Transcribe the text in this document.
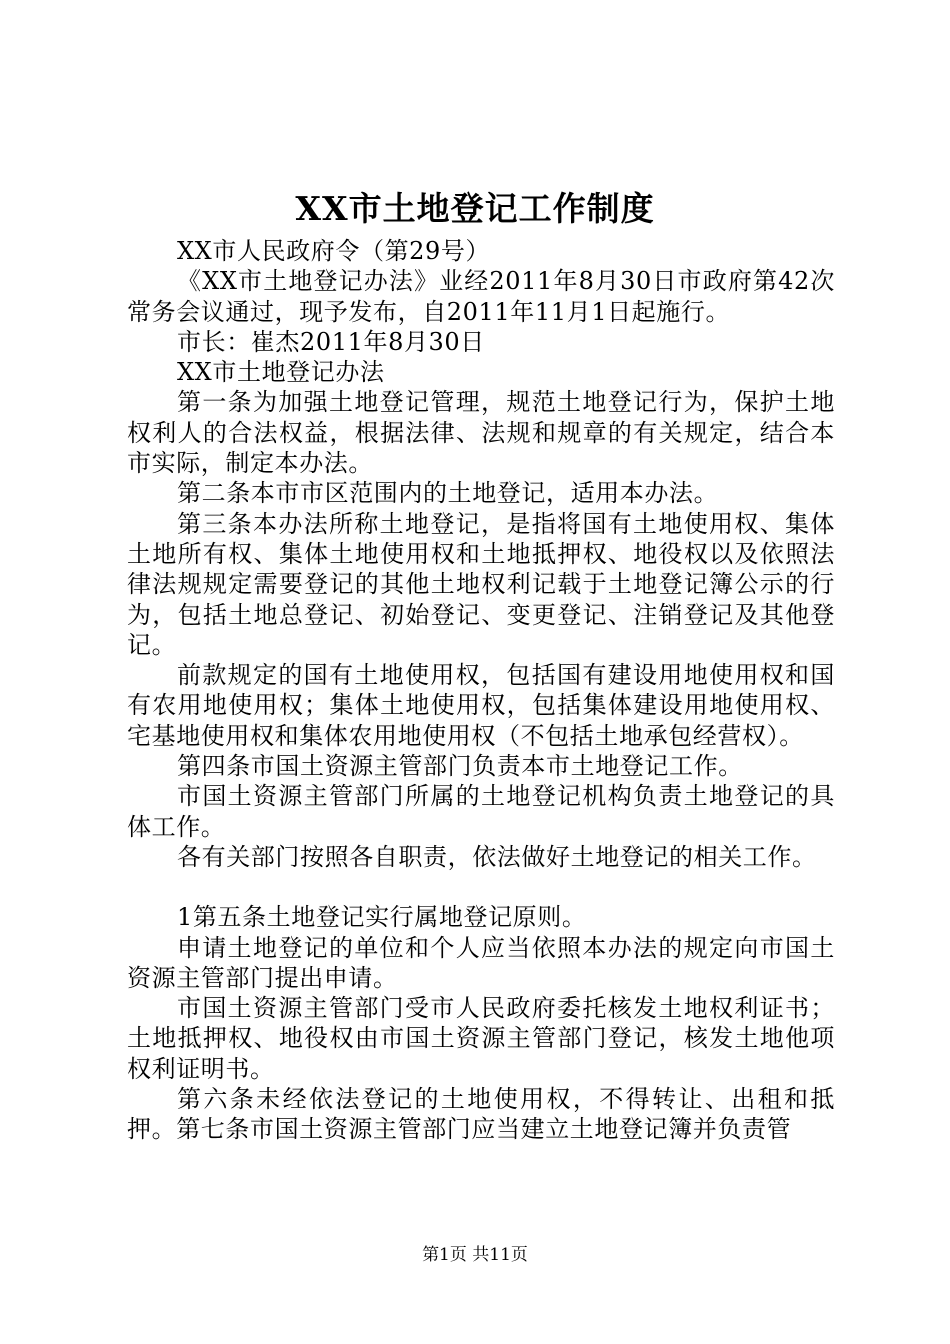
XX市土地登记工作制度

XX市人民政府令（第29号）

《XX市土地登记办法》业经2011年8月30日市政府第42次常务会议通过，现予发布，自2011年11月1日起施行。

市长：崔杰2011年8月30日

XX市土地登记办法

第一条为加强土地登记管理，规范土地登记行为，保护土地权利人的合法权益，根据法律、法规和规章的有关规定，结合本市实际，制定本办法。

第二条本市市区范围内的土地登记，适用本办法。

第三条本办法所称土地登记，是指将国有土地使用权、集体土地所有权、集体土地使用权和土地抵押权、地役权以及依照法律法规规定需要登记的其他土地权利记载于土地登记簿公示的行为，包括土地总登记、初始登记、变更登记、注销登记及其他登记。

前款规定的国有土地使用权，包括国有建设用地使用权和国有农用地使用权；集体土地使用权，包括集体建设用地使用权、宅基地使用权和集体农用地使用权（不包括土地承包经营权）。

第四条市国土资源主管部门负责本市土地登记工作。

市国土资源主管部门所属的土地登记机构负责土地登记的具体工作。

各有关部门按照各自职责，依法做好土地登记的相关工作。

1第五条土地登记实行属地登记原则。

申请土地登记的单位和个人应当依照本办法的规定向市国土资源主管部门提出申请。

市国土资源主管部门受市人民政府委托核发土地权利证书；土地抵押权、地役权由市国土资源主管部门登记，核发土地他项权利证明书。

第六条未经依法登记的土地使用权，不得转让、出租和抵押。第七条市国土资源主管部门应当建立土地登记簿并负责管

第1页 共11页
